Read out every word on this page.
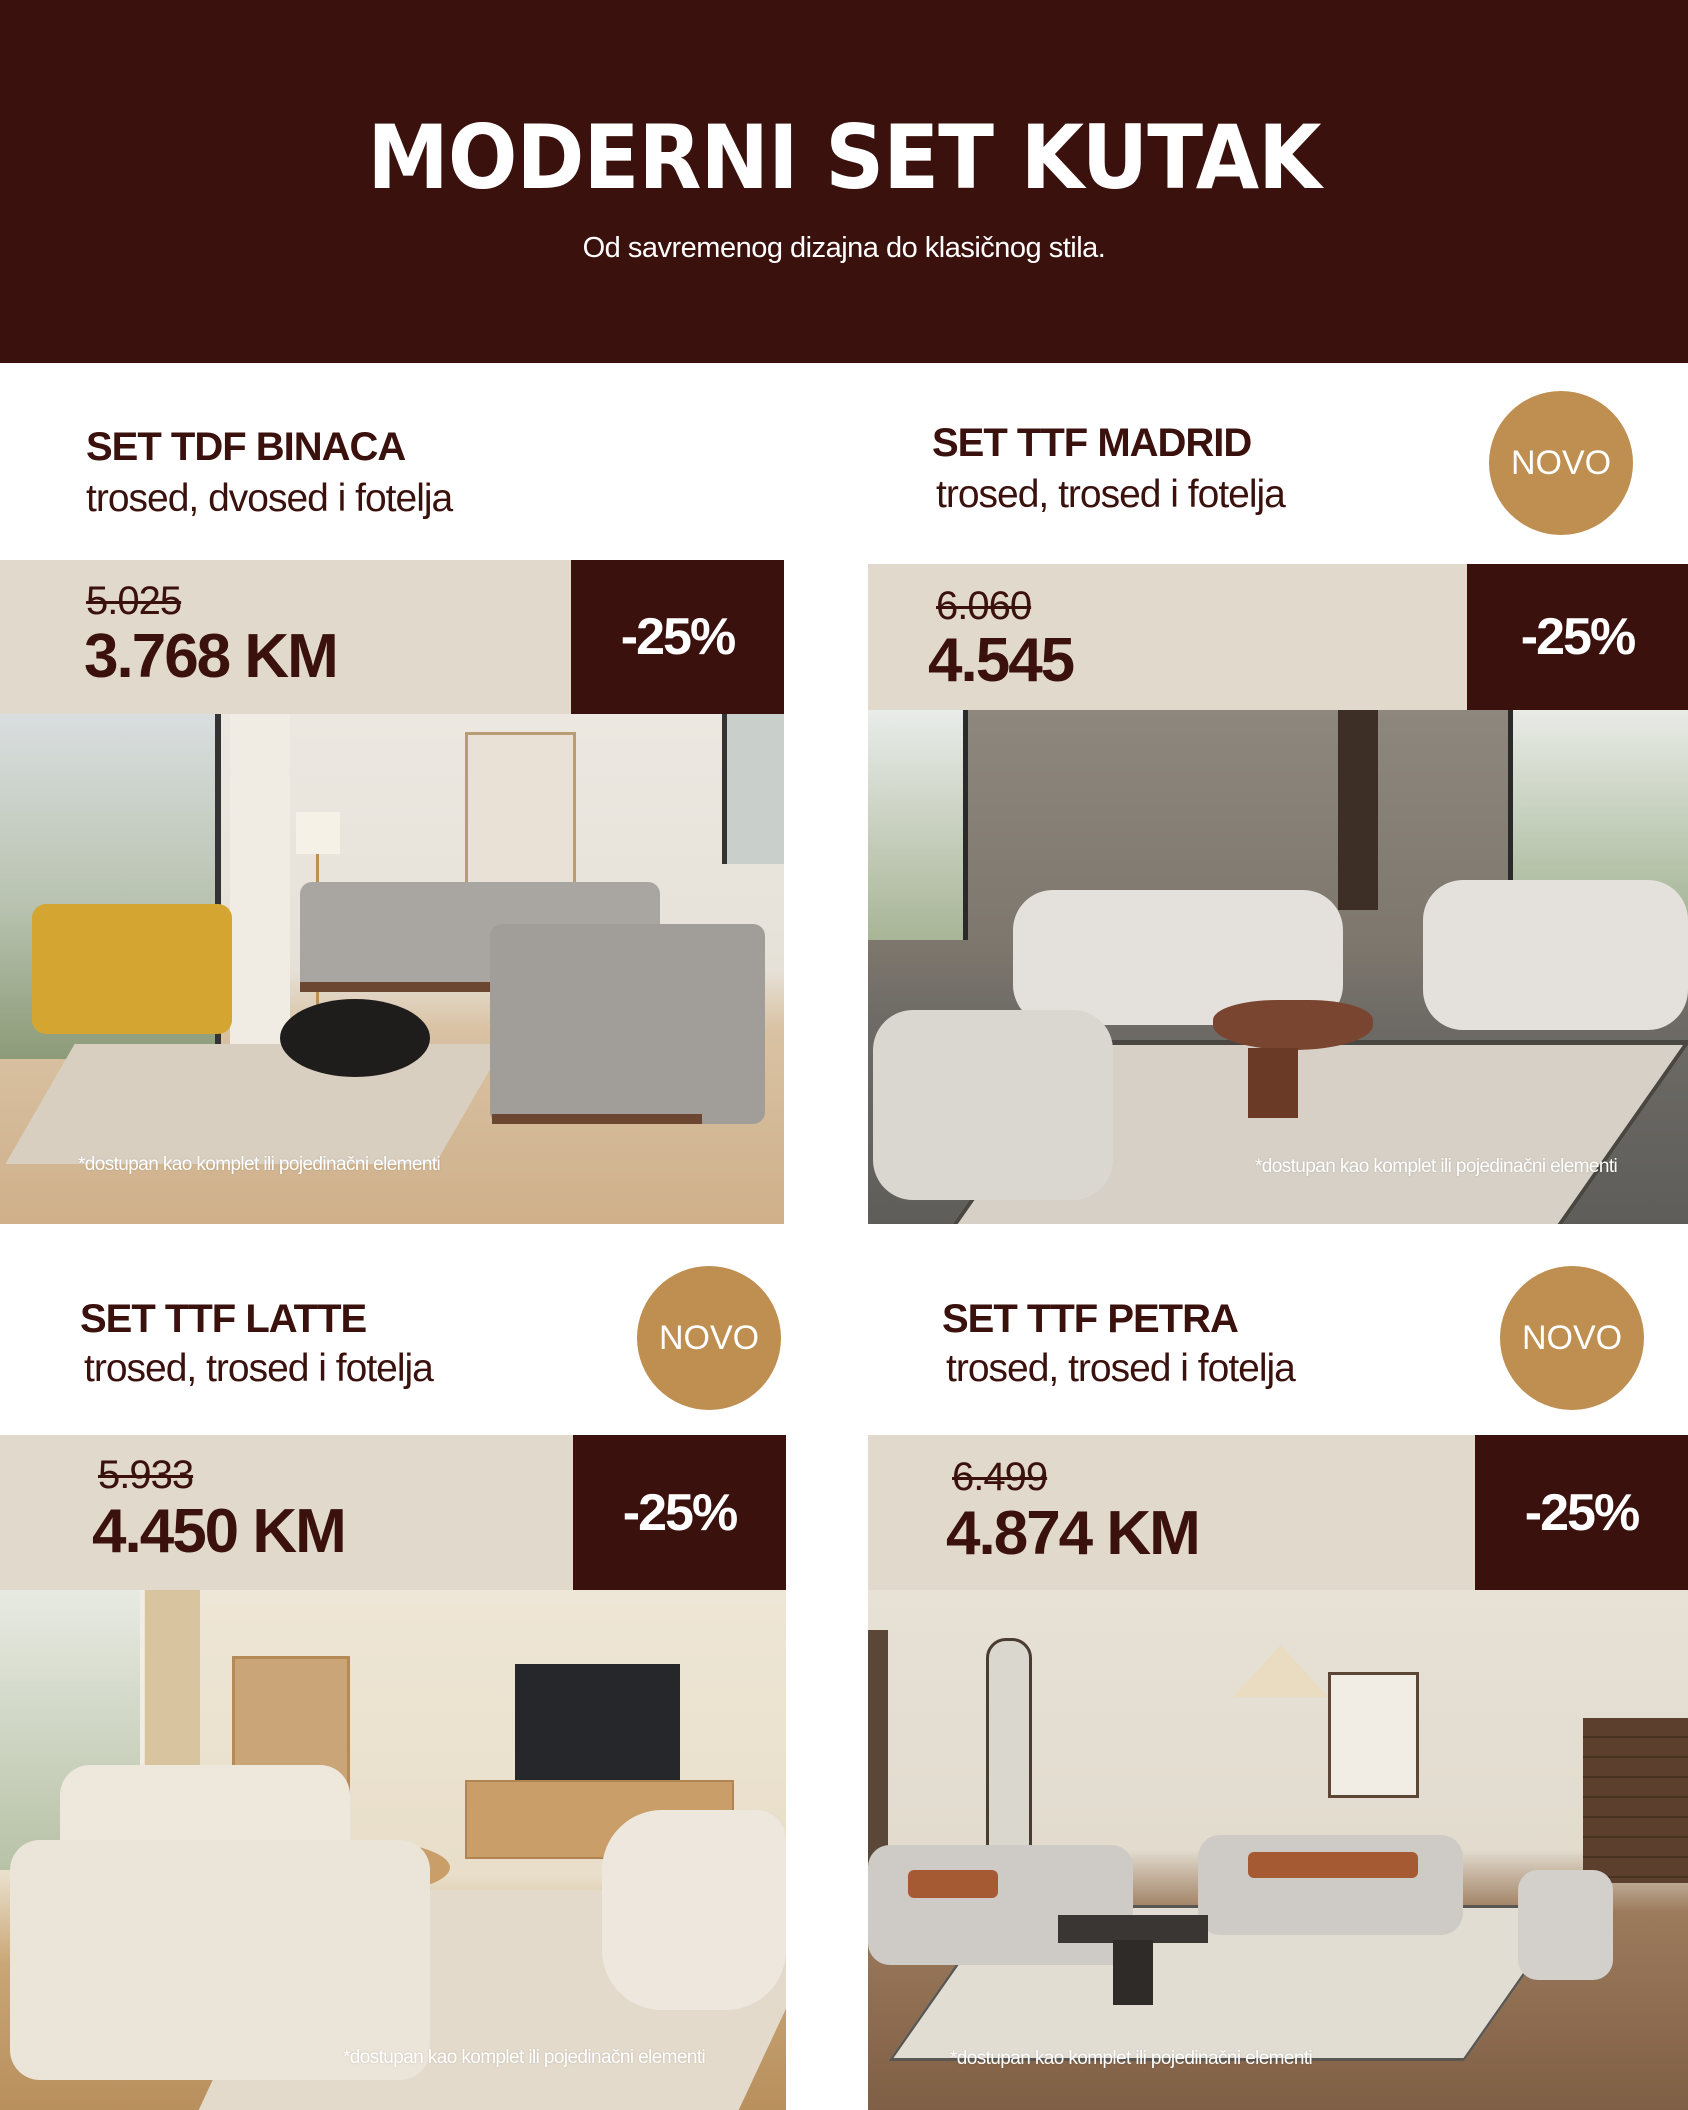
MODERNI SET KUTAK
Od savremenog dizajna do klasičnog stila.
SET TDF BINACA
trosed, dvosed i fotelja
5.025
3.768 KM	-25%
*dostupan kao komplet ili pojedinačni elementi
SET TTF MADRID
trosed, trosed i fotelja
NOVO
6.060
4.545	-25%
*dostupan kao komplet ili pojedinačni elementi
SET TTF LATTE
trosed, trosed i fotelja
NOVO
5.933
4.450 KM	-25%
*dostupan kao komplet ili pojedinačni elementi
SET TTF PETRA
trosed, trosed i fotelja
NOVO
6.499
4.874 KM	-25%
*dostupan kao komplet ili pojedinačni elementi
